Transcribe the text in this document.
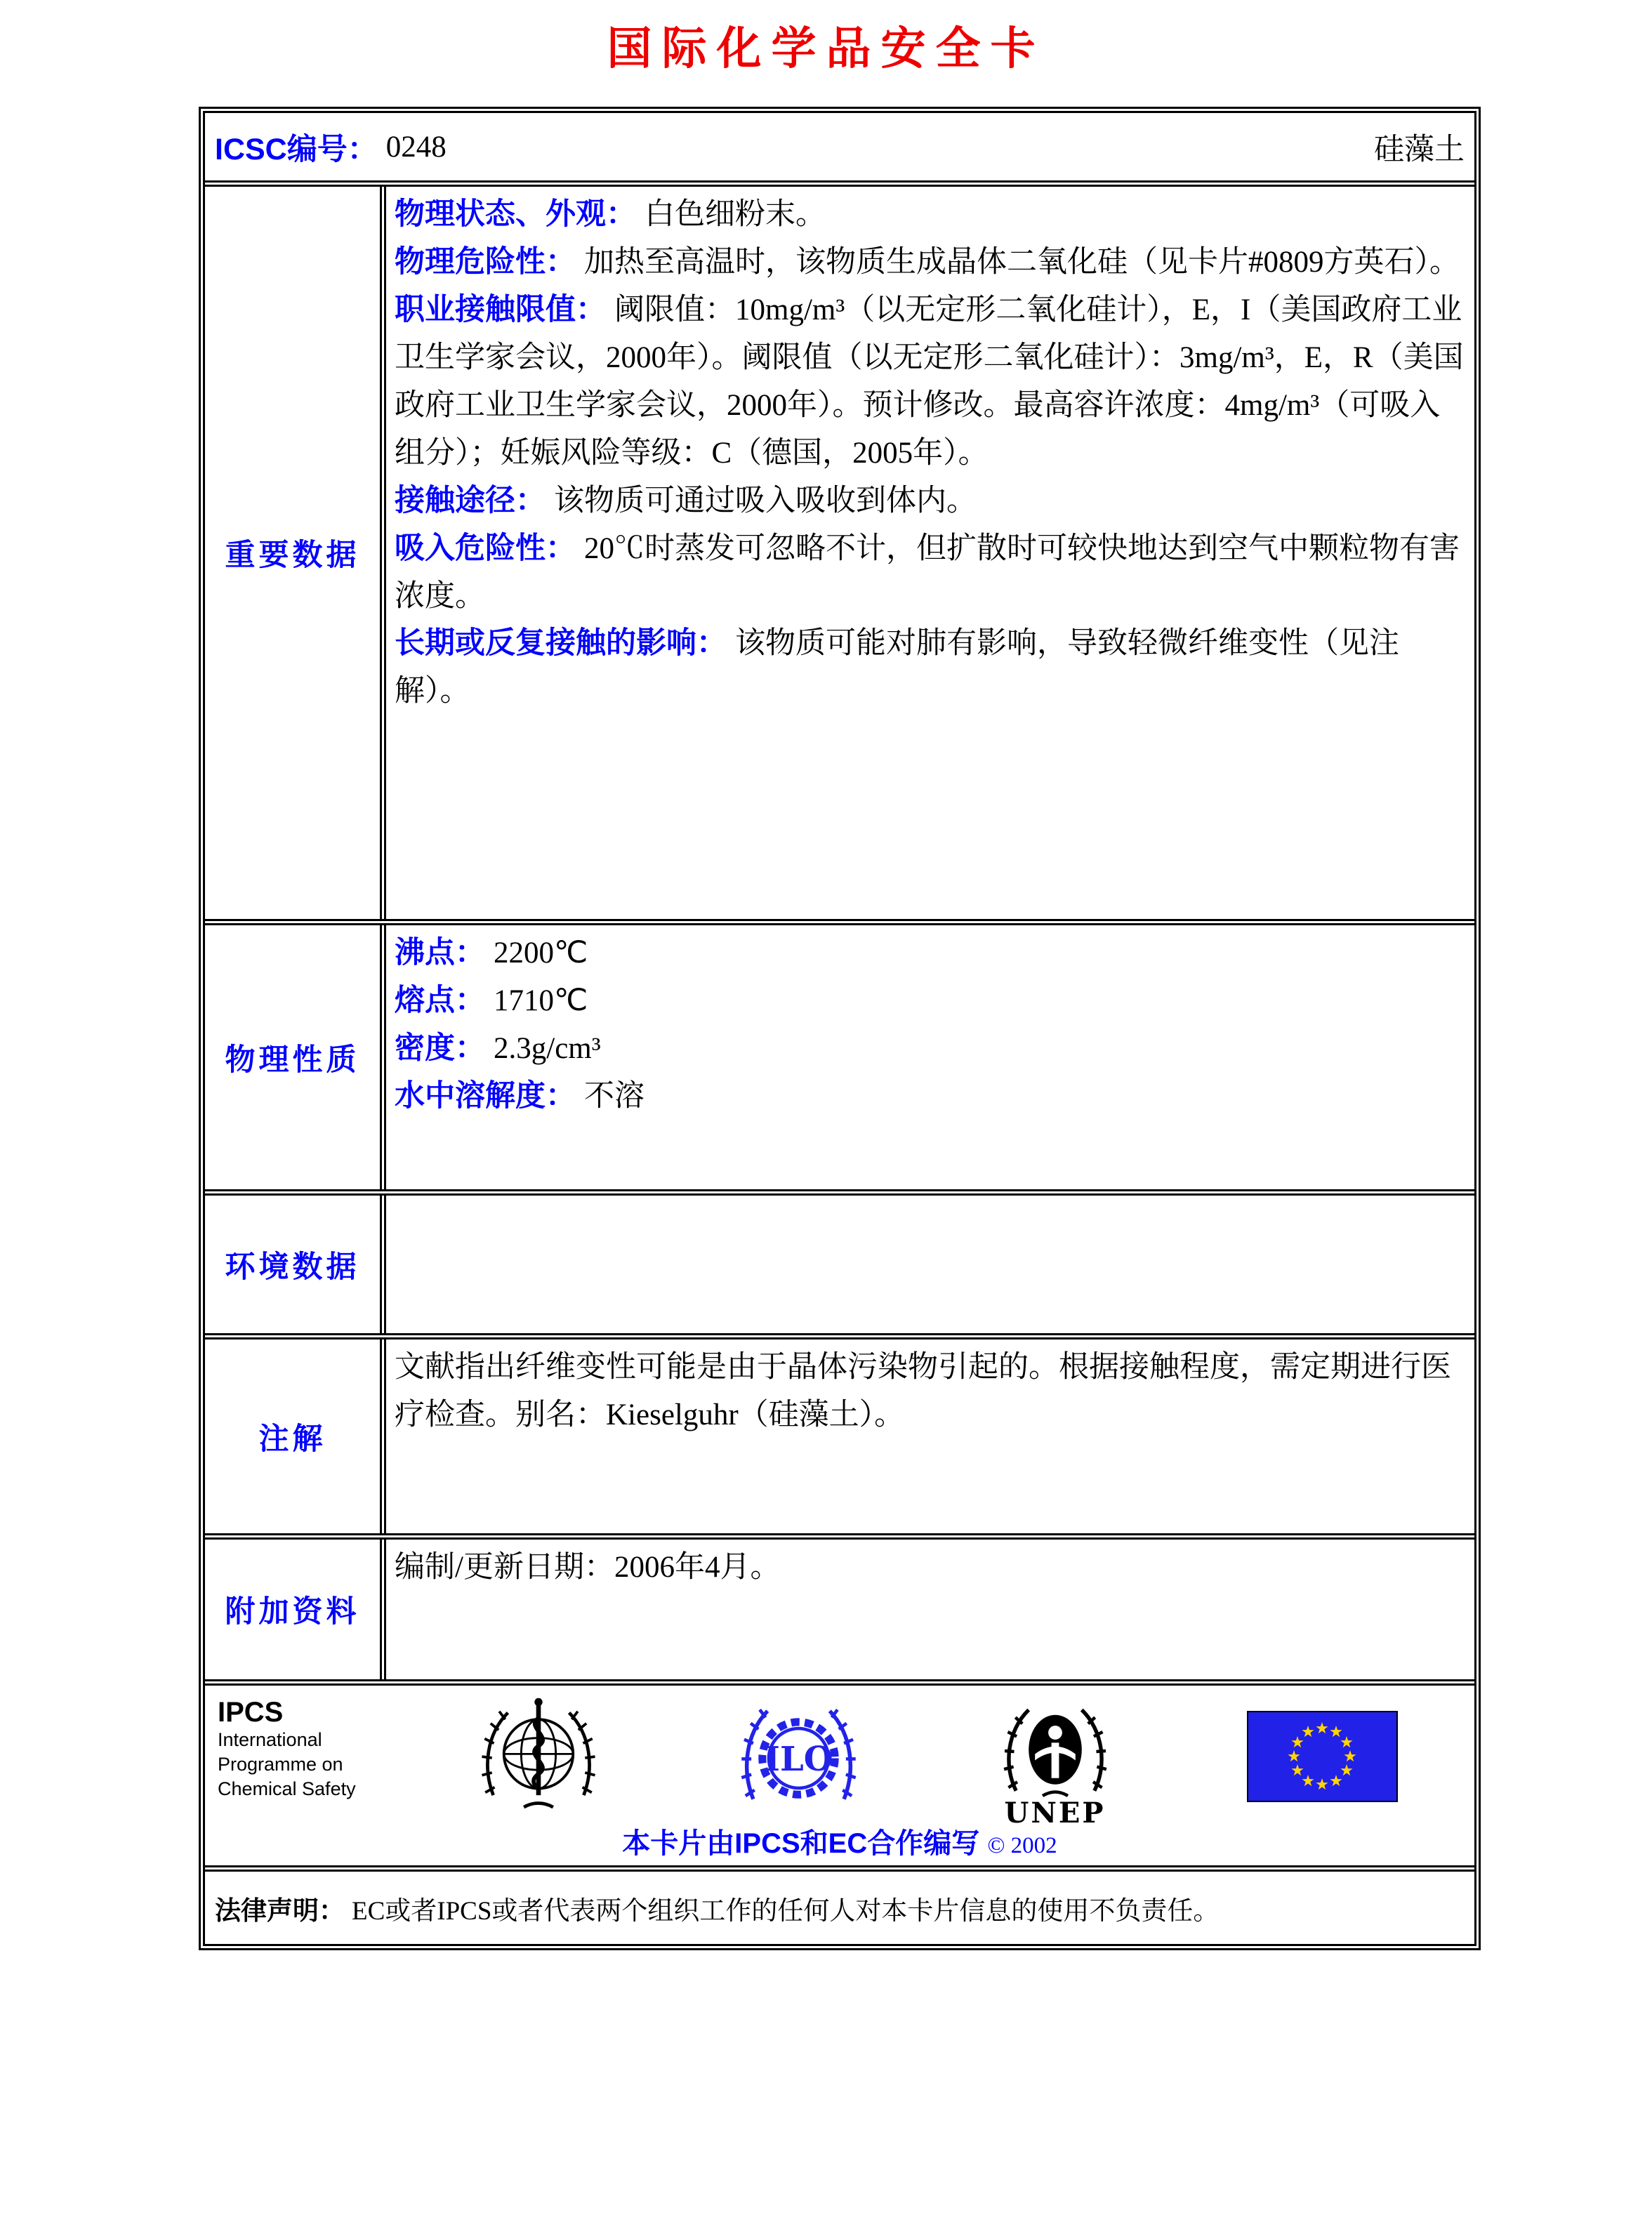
国际化学品安全卡
ICSC编号： 0248	硅藻土
重要数据

物理状态、外观： 白色细粉末。

物理危险性： 加热至高温时，该物质生成晶体二氧化硅（见卡片#0809方英石）。

职业接触限值： 阈限值：10mg/m³（以无定形二氧化硅计），E，I（美国政府工业卫生学家会议，2000年）。阈限值（以无定形二氧化硅计）：3mg/m³，E，R（美国政府工业卫生学家会议，2000年）。预计修改。最高容许浓度：4mg/m³（可吸入组分）；妊娠风险等级：C（德国，2005年）。

接触途径： 该物质可通过吸入吸收到体内。

吸入危险性： 20℃时蒸发可忽略不计，但扩散时可较快地达到空气中颗粒物有害浓度。

长期或反复接触的影响： 该物质可能对肺有影响，导致轻微纤维变性（见注解）。

物理性质

沸点： 2200℃

熔点： 1710℃

密度： 2.3g/cm³

水中溶解度： 不溶

环境数据

注解

文献指出纤维变性可能是由于晶体污染物引起的。根据接触程度，需定期进行医疗检查。别名：Kieselguhr（硅藻土）。

附加资料

编制/更新日期：2006年4月。

IPCS
International
Programme on
Chemical Safety
ILO
UNEP
本卡片由IPCS和EC合作编写 © 2002
法律声明： EC或者IPCS或者代表两个组织工作的任何人对本卡片信息的使用不负责任。
